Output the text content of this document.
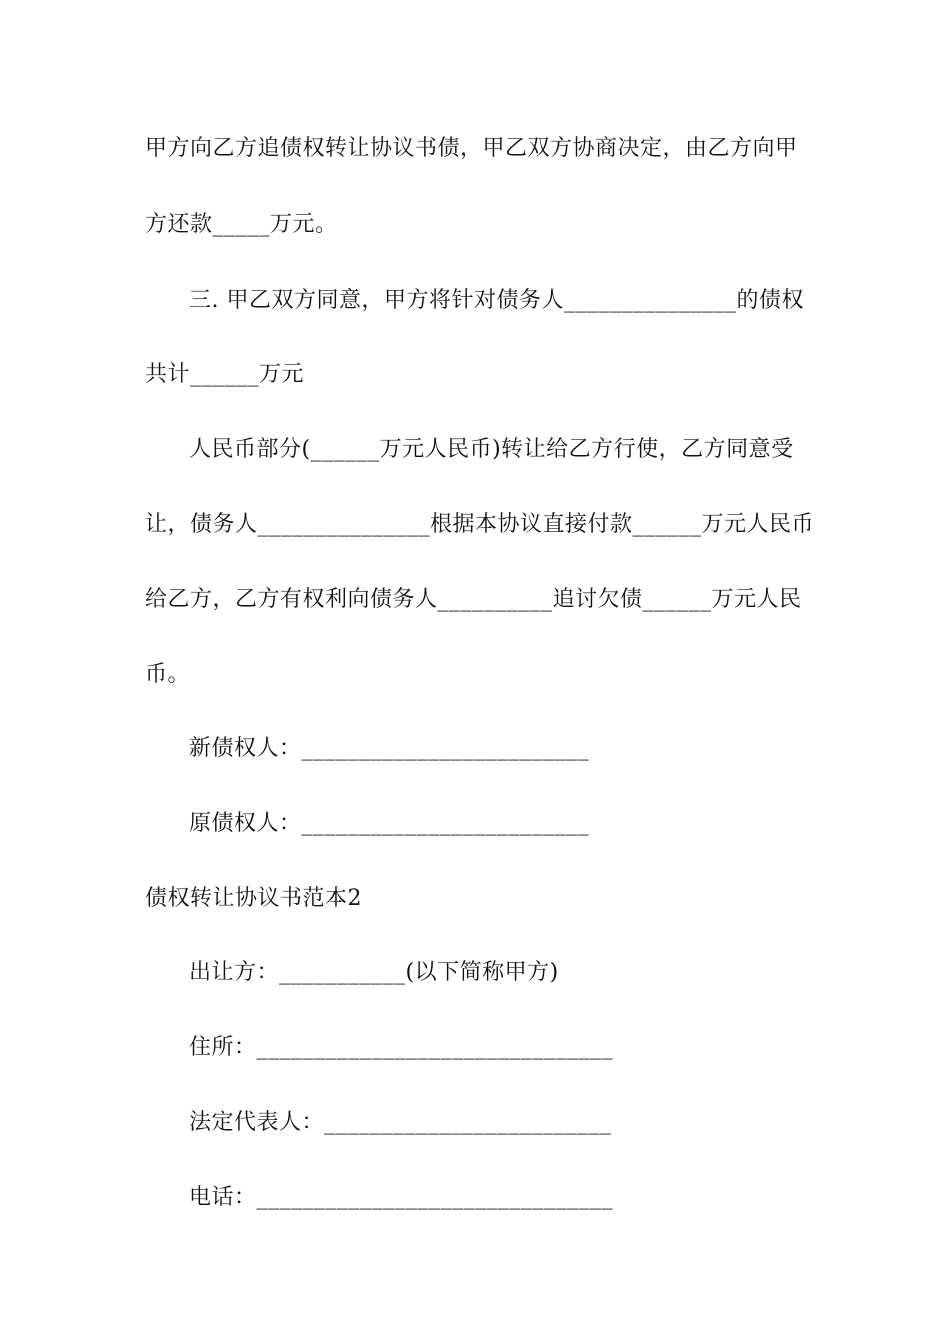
甲方向乙方追债权转让协议书债，甲乙双方协商决定，由乙方向甲
方还款_____万元。
三. 甲乙双方同意，甲方将针对债务人_______________的债权
共计______万元
人民币部分(______万元人民币)转让给乙方行使，乙方同意受
让，债务人_______________根据本协议直接付款______万元人民币
给乙方，乙方有权利向债务人__________追讨欠债______万元人民
币。
新债权人：_________________________
原债权人：_________________________
债权转让协议书范本2
出让方：___________(以下简称甲方)
住所：_______________________________
法定代表人：_________________________
电话：_______________________________
